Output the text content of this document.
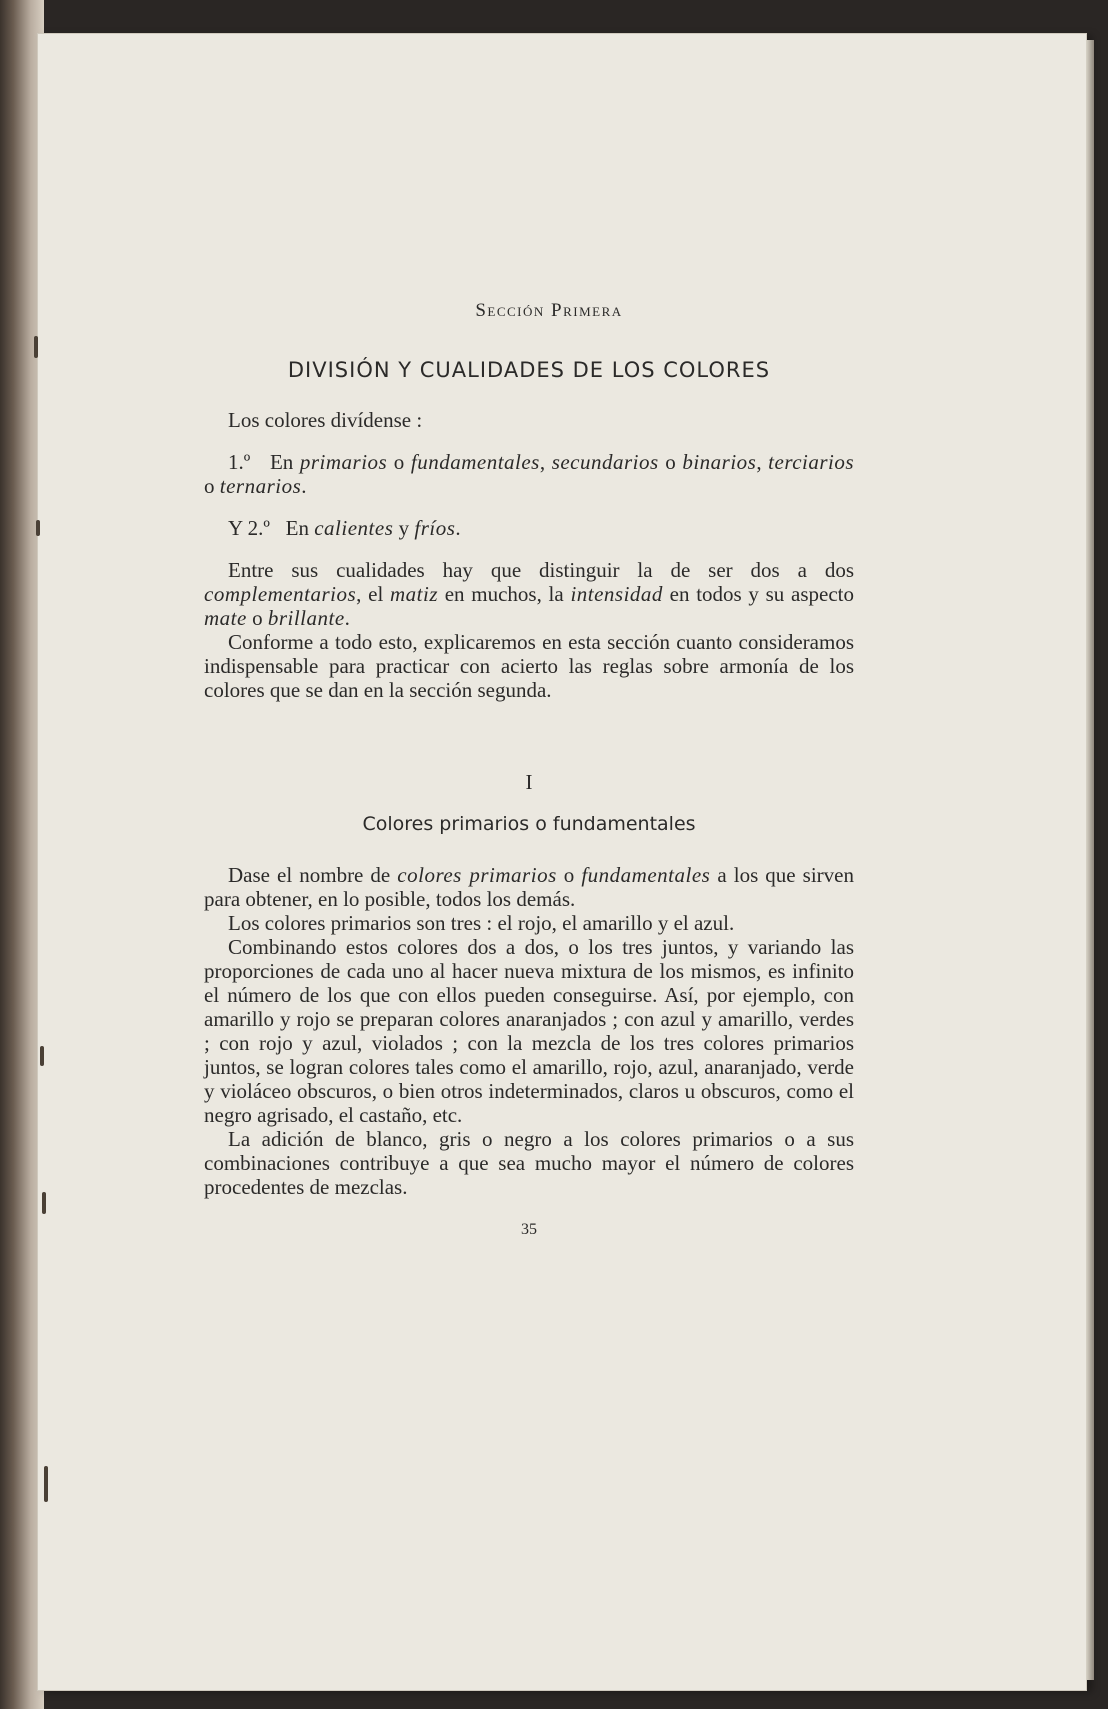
Sección Primera
DIVISIÓN Y CUALIDADES DE LOS COLORES

Los colores divídense :

1.º En primarios o fundamentales, secundarios o binarios, terciarios o ternarios.

Y 2.º En calientes y fríos.

Entre sus cualidades hay que distinguir la de ser dos a dos complementarios, el matiz en muchos, la intensidad en todos y su aspecto mate o brillante.

Conforme a todo esto, explicaremos en esta sección cuanto consideramos indispensable para practicar con acierto las reglas sobre armonía de los colores que se dan en la sección segunda.

I
Colores primarios o fundamentales

Dase el nombre de colores primarios o fundamentales a los que sirven para obtener, en lo posible, todos los demás.

Los colores primarios son tres : el rojo, el amarillo y el azul.

Combinando estos colores dos a dos, o los tres juntos, y variando las proporciones de cada uno al hacer nueva mixtura de los mismos, es infinito el número de los que con ellos pueden conseguirse. Así, por ejemplo, con amarillo y rojo se preparan colores anaranjados ; con azul y amarillo, verdes ; con rojo y azul, violados ; con la mezcla de los tres colores primarios juntos, se logran colores tales como el amarillo, rojo, azul, anaranjado, verde y violáceo obscuros, o bien otros indeterminados, claros u obscuros, como el negro agrisado, el castaño, etc.

La adición de blanco, gris o negro a los colores primarios o a sus combinaciones contribuye a que sea mucho mayor el número de colores procedentes de mezclas.

35
